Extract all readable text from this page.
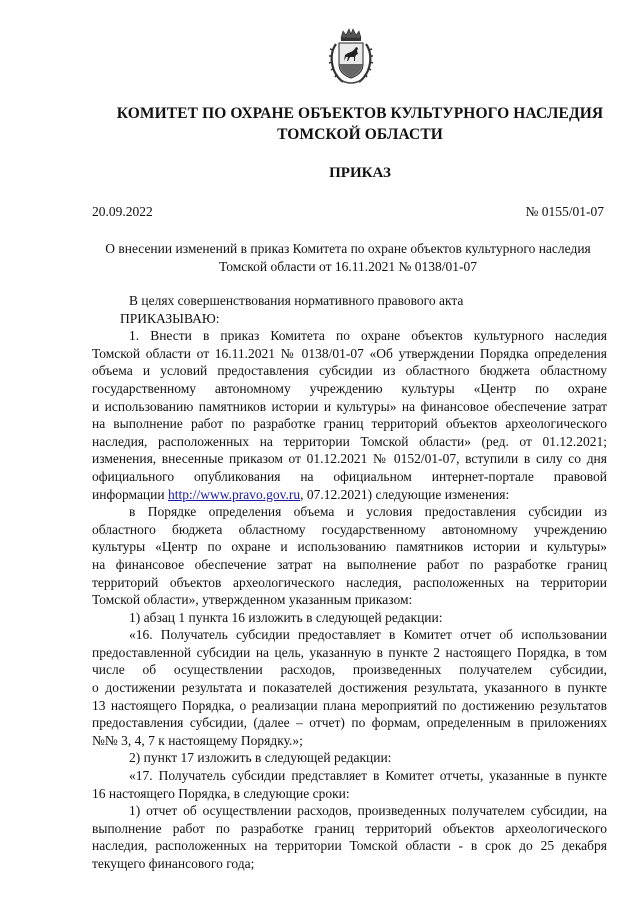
КОМИТЕТ ПО ОХРАНЕ ОБЪЕКТОВ КУЛЬТУРНОГО НАСЛЕДИЯ
ТОМСКОЙ ОБЛАСТИ
ПРИКАЗ
20.09.2022	№ 0155/01-07
О внесении изменений в приказ Комитета по охране объектов культурного наследия
Томской области от 16.11.2021 № 0138/01-07
В целях совершенствования нормативного правового акта
ПРИКАЗЫВАЮ:
1. Внести в приказ Комитета по охране объектов культурного наследия
Томской области от 16.11.2021 № 0138/01-07 «Об утверждении Порядка определения
объема и условий предоставления субсидии из областного бюджета областному
государственному автономному учреждению культуры «Центр по охране
и использованию памятников истории и культуры» на финансовое обеспечение затрат
на выполнение работ по разработке границ территорий объектов археологического
наследия, расположенных на территории Томской области» (ред. от 01.12.2021;
изменения, внесенные приказом от 01.12.2021 № 0152/01-07, вступили в силу со дня
официального опубликования на официальном интернет-портале правовой
информации http://www.pravo.gov.ru, 07.12.2021) следующие изменения:
в Порядке определения объема и условия предоставления субсидии из
областного бюджета областному государственному автономному учреждению
культуры «Центр по охране и использованию памятников истории и культуры»
на финансовое обеспечение затрат на выполнение работ по разработке границ
территорий объектов археологического наследия, расположенных на территории
Томской области», утвержденном указанным приказом:
1) абзац 1 пункта 16 изложить в следующей редакции:
«16. Получатель субсидии предоставляет в Комитет отчет об использовании
предоставленной субсидии на цель, указанную в пункте 2 настоящего Порядка, в том
числе об осуществлении расходов, произведенных получателем субсидии,
о достижении результата и показателей достижения результата, указанного в пункте
13 настоящего Порядка, о реализации плана мероприятий по достижению результатов
предоставления субсидии, (далее – отчет) по формам, определенным в приложениях
№№ 3, 4, 7 к настоящему Порядку.»;
2) пункт 17 изложить в следующей редакции:
«17. Получатель субсидии представляет в Комитет отчеты, указанные в пункте
16 настоящего Порядка, в следующие сроки:
1) отчет об осуществлении расходов, произведенных получателем субсидии, на
выполнение работ по разработке границ территорий объектов археологического
наследия, расположенных на территории Томской области - в срок до 25 декабря
текущего финансового года;
